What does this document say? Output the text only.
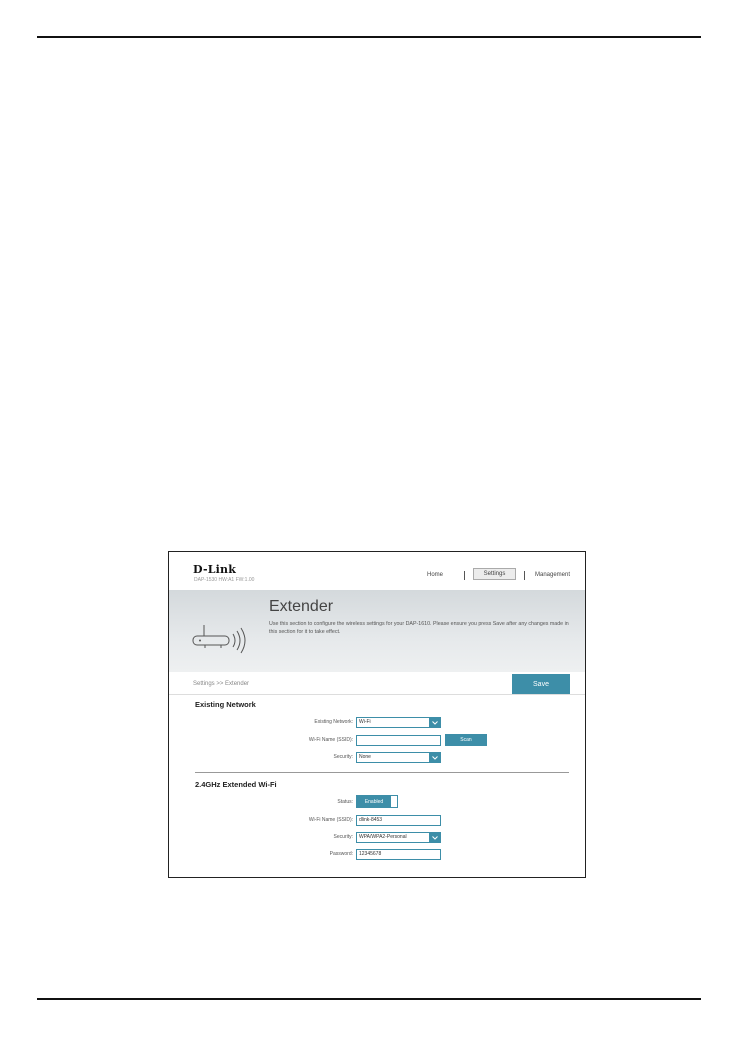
D-Link
DAP-1530 HW:A1 FW:1.00
Home	Settings	Management
Extender
Use this section to configure the wireless settings for your DAP-1610. Please ensure you press Save after any changes made in this section for it to take effect.
Settings >> Extender	Save
Existing Network
Existing Network:	Wi-Fi
Wi-Fi Name (SSID):	Scan
Security:	None
2.4GHz Extended Wi-Fi
Status:	Enabled
Wi-Fi Name (SSID):	dlink-8453
Security:	WPA/WPA2-Personal
Password:	12345678
